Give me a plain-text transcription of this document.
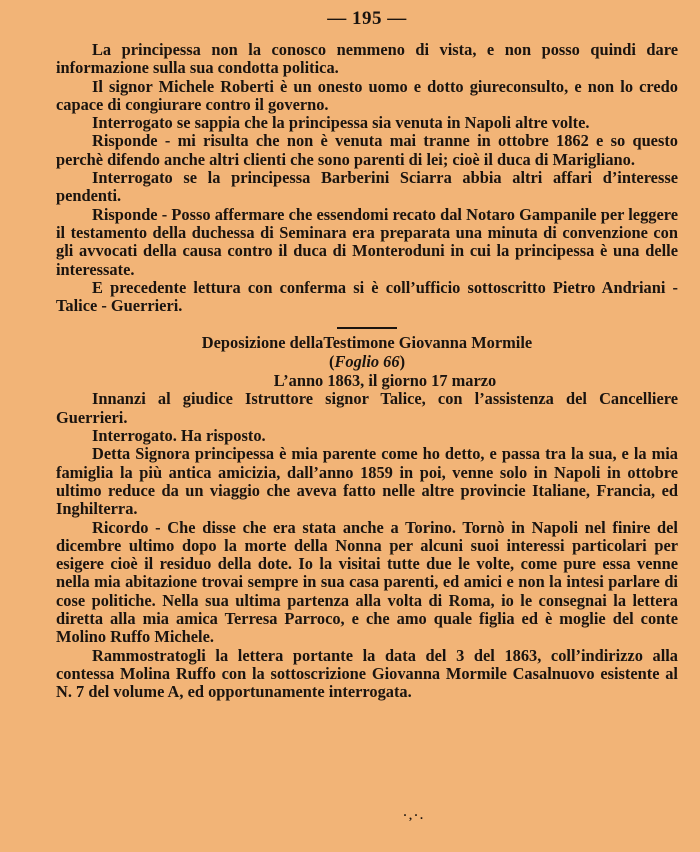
— 195 —

La principessa non la conosco nemmeno di vista, e non posso quindi dare informazione sulla sua condotta politica.

Il signor Michele Roberti è un onesto uomo e dotto giureconsulto, e non lo credo capace di congiurare contro il governo.

Interrogato se sappia che la principessa sia venuta in Napoli altre volte.

Risponde - mi risulta che non è venuta mai tranne in ottobre 1862 e so questo perchè difendo anche altri clienti che sono parenti di lei; cioè il duca di Marigliano.

Interrogato se la principessa Barberini Sciarra abbia altri affari d’interesse pendenti.

Risponde - Posso affermare che essendomi recato dal Notaro Gampanile per leggere il testamento della duchessa di Seminara era preparata una minuta di convenzione con gli avvocati della causa contro il duca di Monteroduni in cui la principessa è una delle interessate.

E precedente lettura con conferma si è coll’ufficio sottoscritto Pietro Andriani - Talice - Guerrieri.

Deposizione dellaTestimone Giovanna Mormile

(Foglio 66)

L’anno 1863, il giorno 17 marzo

Innanzi al giudice Istruttore signor Talice, con l’assistenza del Cancelliere Guerrieri.

Interrogato. Ha risposto.

Detta Signora principessa è mia parente come ho detto, e passa tra la sua, e la mia famiglia la più antica amicizia, dall’anno 1859 in poi, venne solo in Napoli in ottobre ultimo reduce da un viaggio che aveva fatto nelle altre provincie Italiane, Francia, ed Inghilterra.

Ricordo - Che disse che era stata anche a Torino. Tornò in Napoli nel finire del dicembre ultimo dopo la morte della Nonna per alcuni suoi interessi particolari per esigere cioè il residuo della dote. Io la visitai tutte due le volte, come pure essa venne nella mia abitazione trovai sempre in sua casa parenti, ed amici e non la intesi parlare di cose politiche. Nella sua ultima partenza alla volta di Roma, io le consegnai la lettera diretta alla mia amica Terresa Parroco, e che amo quale figlia ed è moglie del conte Molino Ruffo Michele.

Rammostratogli la lettera portante la data del 3 del 1863, coll’indirizzo alla contessa Molina Ruffo con la sottoscrizione Giovanna Mormile Casalnuovo esistente al N. 7 del volume A, ed opportunamente interrogata.

·,·.
